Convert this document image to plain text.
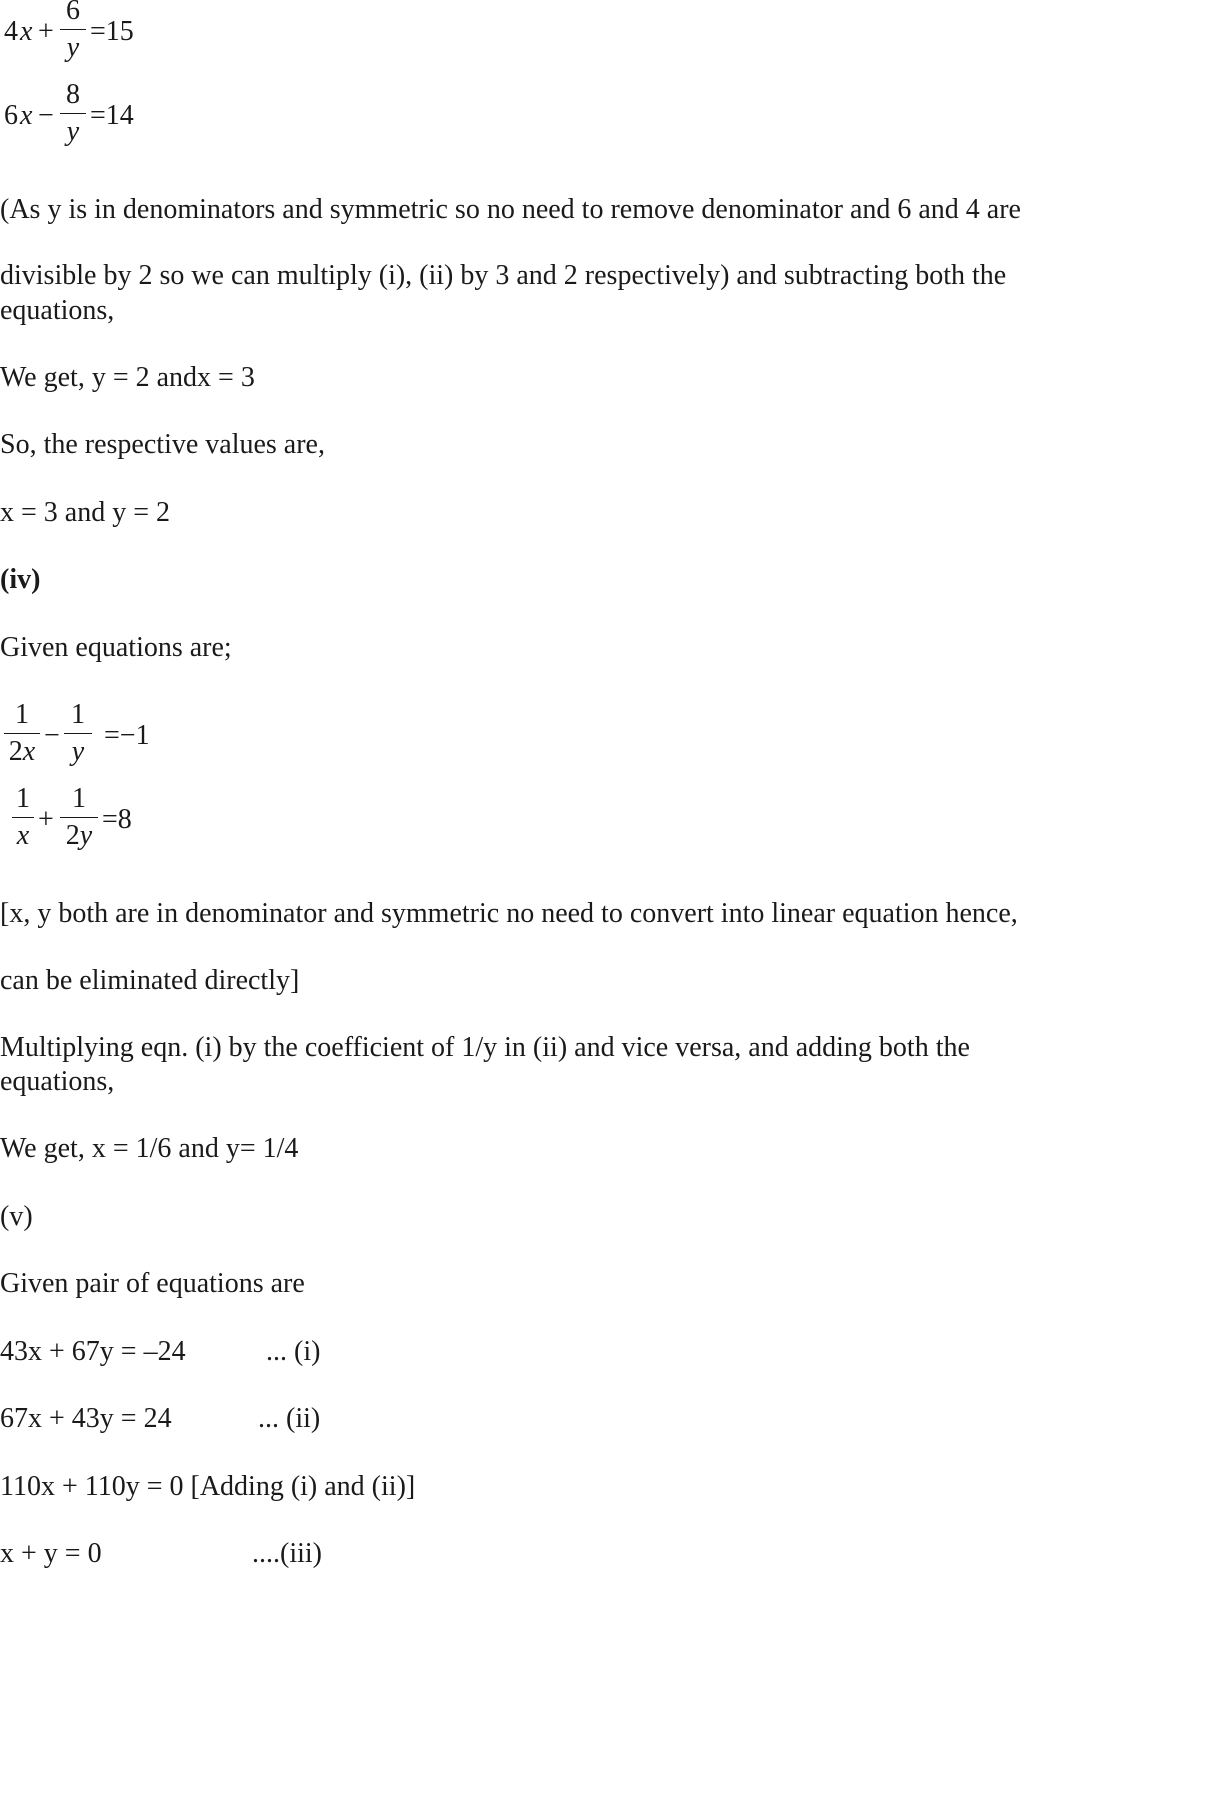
4 x +
6
y
=15
6 x −
8
y
=14
(As y is in denominators and symmetric so no need to remove denominator and 6 and 4 are
divisible by 2 so we can multiply (i), (ii) by 3 and 2 respectively) and subtracting both the
equations,
We get, y = 2 andx = 3
So, the respective values are,
x = 3 and y = 2
(iv)
Given equations are;
1
2x
−
1
y
=−1
1
x
+
1
2y
=8
[x, y both are in denominator and symmetric no need to convert into linear equation hence,
can be eliminated directly]
Multiplying eqn. (i) by the coefficient of 1/y in (ii) and vice versa, and adding both the
equations,
We get, x = 1/6 and y= 1/4
(v)
Given pair of equations are
43x + 67y = –24	... (i)
67x + 43y = 24	... (ii)
110x + 110y = 0 [Adding (i) and (ii)]
x + y = 0	....(iii)
